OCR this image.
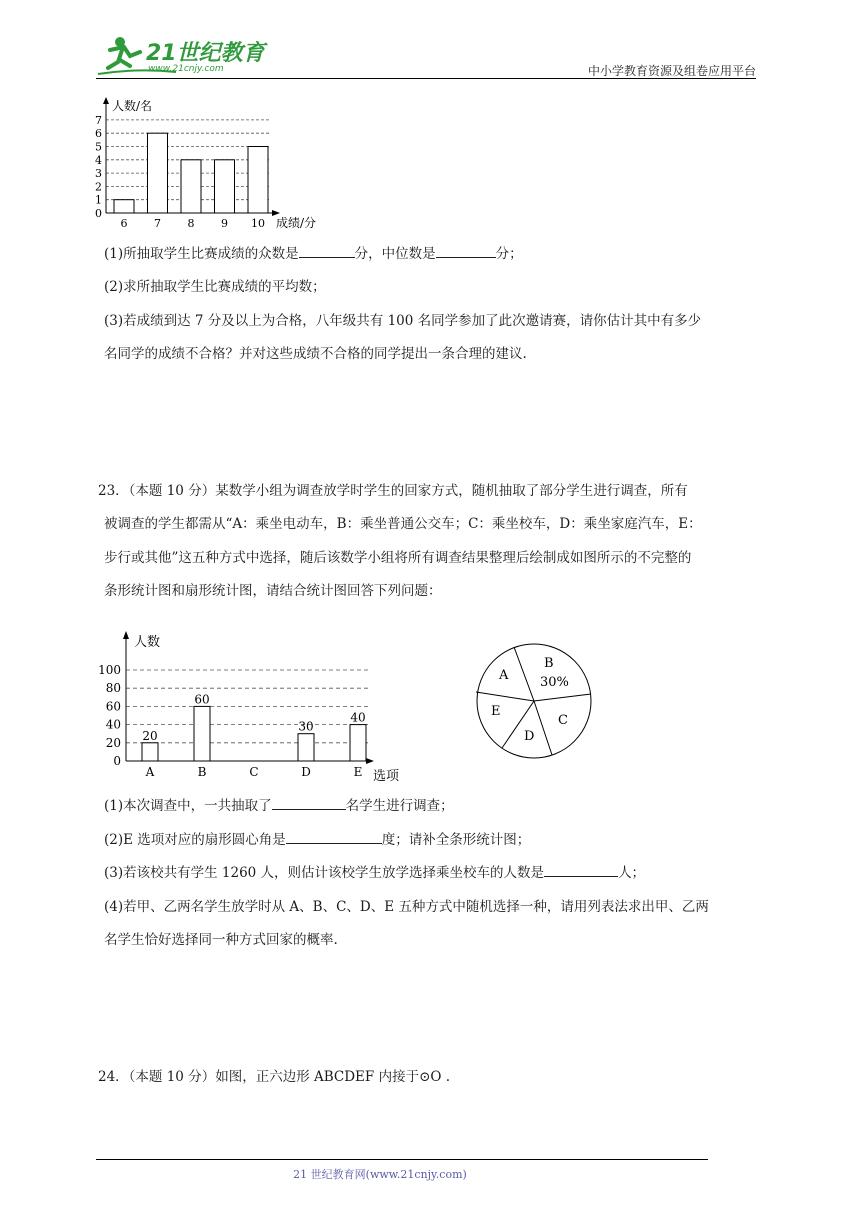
21世纪教育
www.21cnjy.com	中小学教育资源及组卷应用平台
0
1
2
3
4
5
6
7
6 7 8 9 10
人数/名
成绩/分
(1)所抽取学生比赛成绩的众数是	分，中位数是	分；
(2)求所抽取学生比赛成绩的平均数；
(3)若成绩到达 7 分及以上为合格，八年级共有 100 名同学参加了此次邀请赛，请你估计其中有多少
名同学的成绩不合格？并对这些成绩不合格的同学提出一条合理的建议.
23．（本题 10 分）某数学小组为调查放学时学生的回家方式，随机抽取了部分学生进行调查，所有
被调查的学生都需从“A：乘坐电动车，B：乘坐普通公交车；C：乘坐校车，D：乘坐家庭汽车，E：
步行或其他”这五种方式中选择，随后该数学小组将所有调查结果整理后绘制成如图所示的不完整的
条形统计图和扇形统计图，请结合统计图回答下列问题：
0
20
40
60
80
100
A	B	C	D	E
20
60
30
40
人数
选项
A
B
30%
C
D
E
(1)本次调查中，一共抽取了	名学生进行调查；
(2)E 选项对应的扇形圆心角是	度；请补全条形统计图；
(3)若该校共有学生 1260 人，则估计该校学生放学选择乘坐校车的人数是	人；
(4)若甲、乙两名学生放学时从 A、B、C、D、E 五种方式中随机选择一种，请用列表法求出甲、乙两
名学生恰好选择同一种方式回家的概率.
24．（本题 10 分）如图，正六边形 ABCDEF 内接于⊙O .
21 世纪教育网(www.21cnjy.com)
